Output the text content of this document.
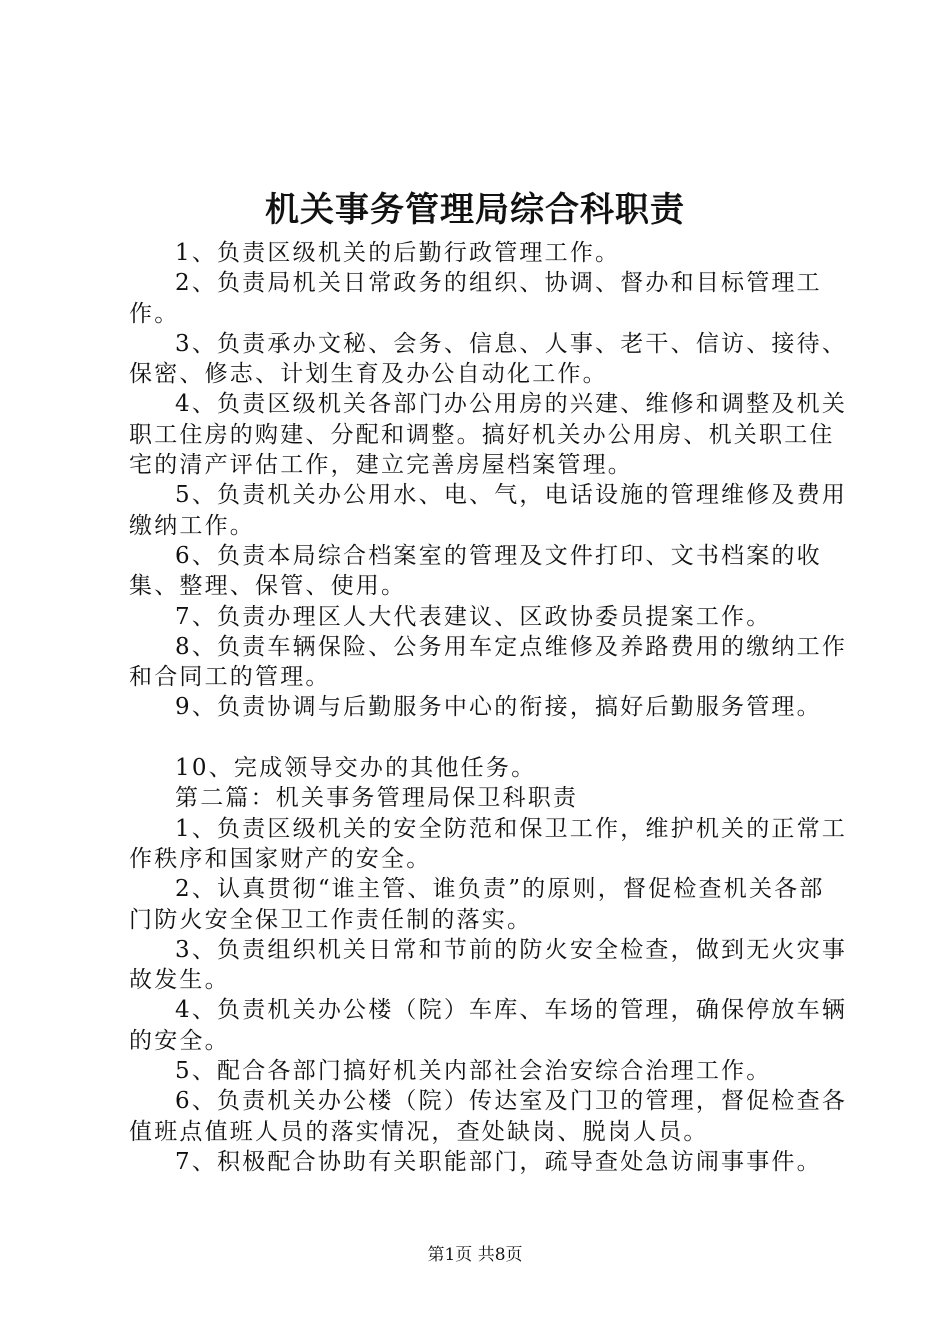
机关事务管理局综合科职责

1、负责区级机关的后勤行政管理工作。

2、负责局机关日常政务的组织、协调、督办和目标管理工作。

3、负责承办文秘、会务、信息、人事、老干、信访、接待、保密、修志、计划生育及办公自动化工作。

4、负责区级机关各部门办公用房的兴建、维修和调整及机关职工住房的购建、分配和调整。搞好机关办公用房、机关职工住宅的清产评估工作，建立完善房屋档案管理。

5、负责机关办公用水、电、气，电话设施的管理维修及费用缴纳工作。

6、负责本局综合档案室的管理及文件打印、文书档案的收集、整理、保管、使用。

7、负责办理区人大代表建议、区政协委员提案工作。

8、负责车辆保险、公务用车定点维修及养路费用的缴纳工作和合同工的管理。

9、负责协调与后勤服务中心的衔接，搞好后勤服务管理。

10、完成领导交办的其他任务。

第二篇：机关事务管理局保卫科职责

1、负责区级机关的安全防范和保卫工作，维护机关的正常工作秩序和国家财产的安全。

2、认真贯彻“谁主管、谁负责”的原则，督促检查机关各部门防火安全保卫工作责任制的落实。

3、负责组织机关日常和节前的防火安全检查，做到无火灾事故发生。

4、负责机关办公楼（院）车库、车场的管理，确保停放车辆的安全。

5、配合各部门搞好机关内部社会治安综合治理工作。

6、负责机关办公楼（院）传达室及门卫的管理，督促检查各值班点值班人员的落实情况，查处缺岗、脱岗人员。

7、积极配合协助有关职能部门，疏导查处急访闹事事件。

第1页 共8页
